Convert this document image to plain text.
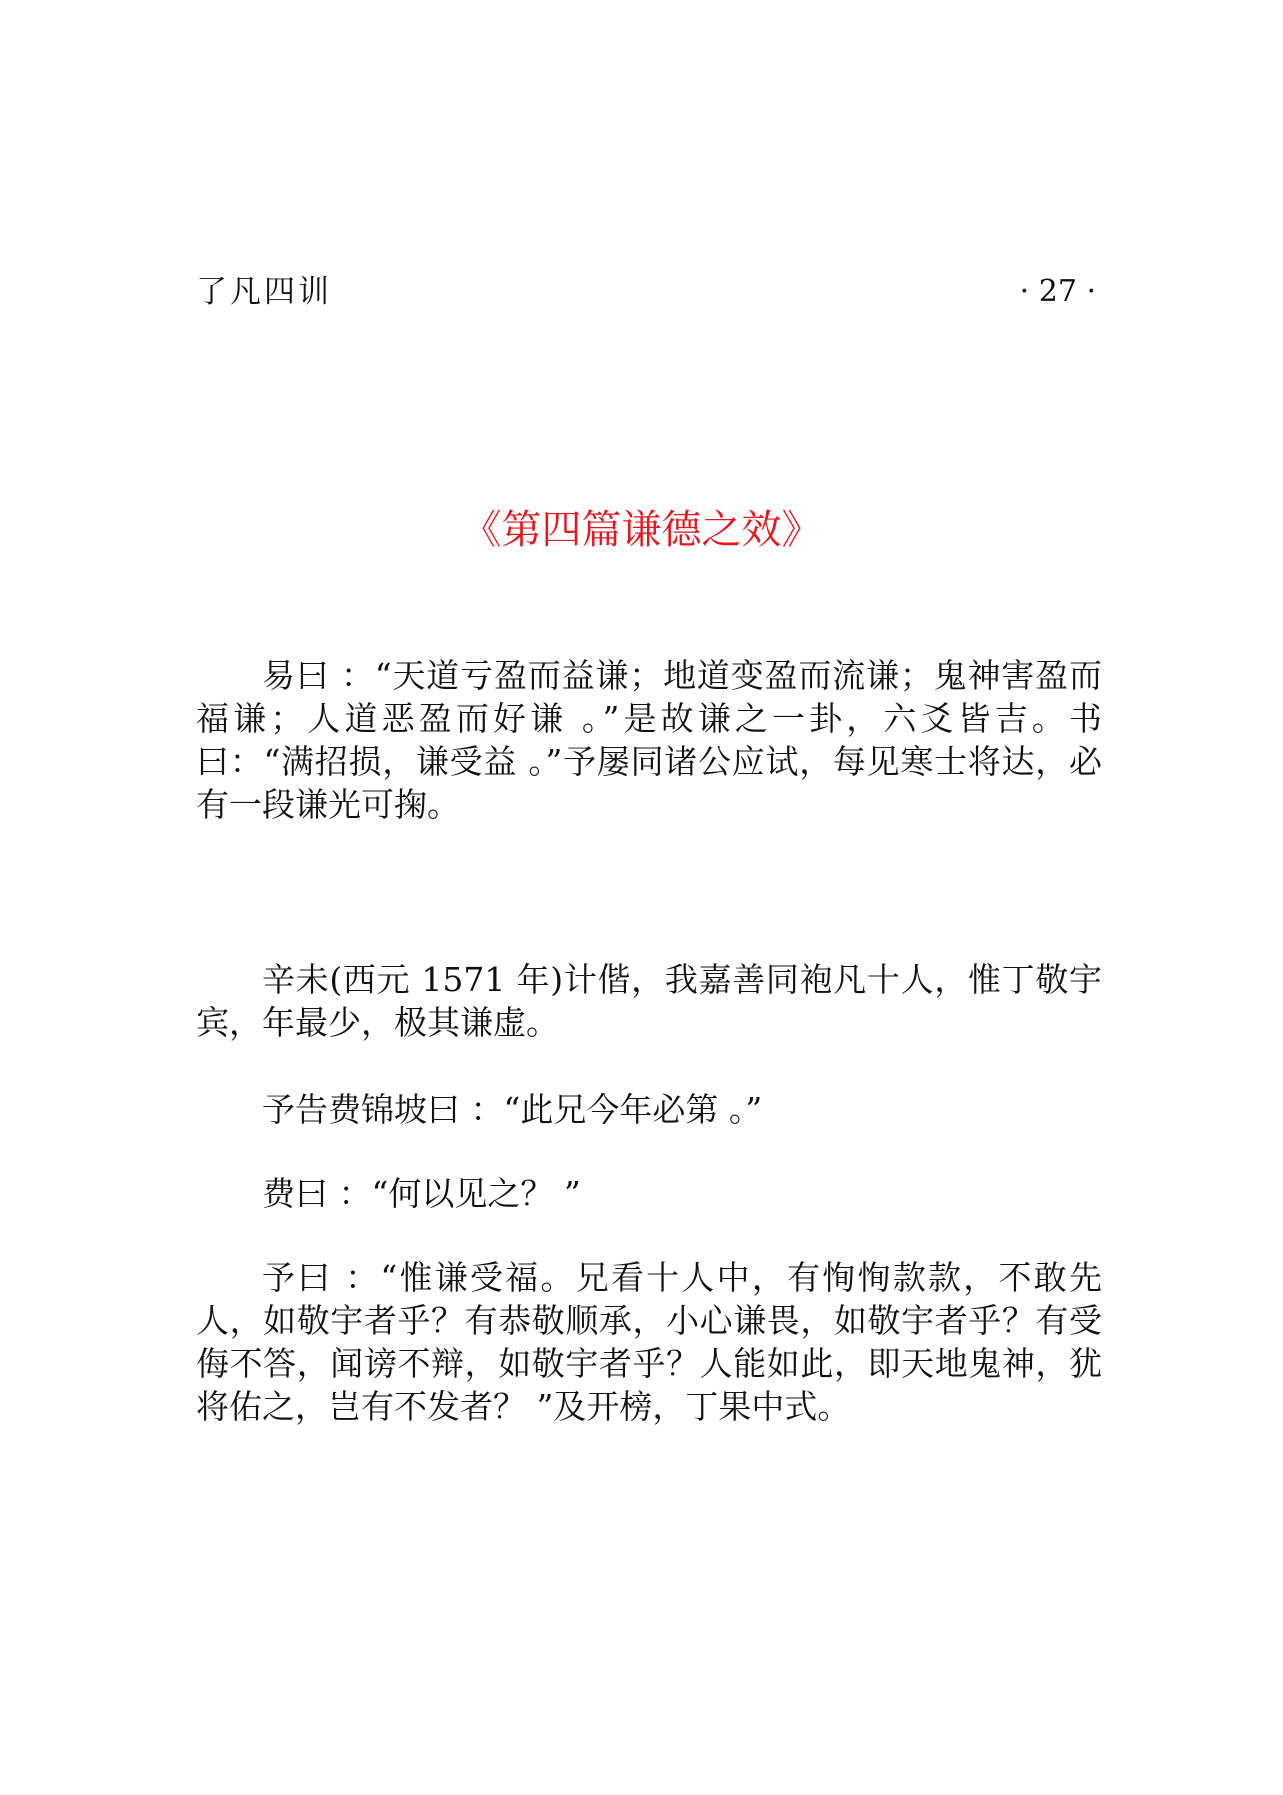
了凡四训	· 27 ·
《第四篇谦德之效》

易曰 ：“天道亏盈而益谦；地道变盈而流谦；鬼神害盈而福谦；人道恶盈而好谦 。”是故谦之一卦，六爻皆吉。书曰：“满招损，谦受益 。”予屡同诸公应试，每见寒士将达，必有一段谦光可掬。

辛未(西元 1571 年)计偕，我嘉善同袍凡十人，惟丁敬宇宾，年最少，极其谦虚。

予告费锦坡曰 ：“此兄今年必第 。”

费曰 ：“何以见之？ ”

予曰 ：“惟谦受福。兄看十人中，有恂恂款款，不敢先人，如敬宇者乎？有恭敬顺承，小心谦畏，如敬宇者乎？有受侮不答，闻谤不辩，如敬宇者乎？人能如此，即天地鬼神，犹将佑之，岂有不发者？ ”及开榜，丁果中式。
